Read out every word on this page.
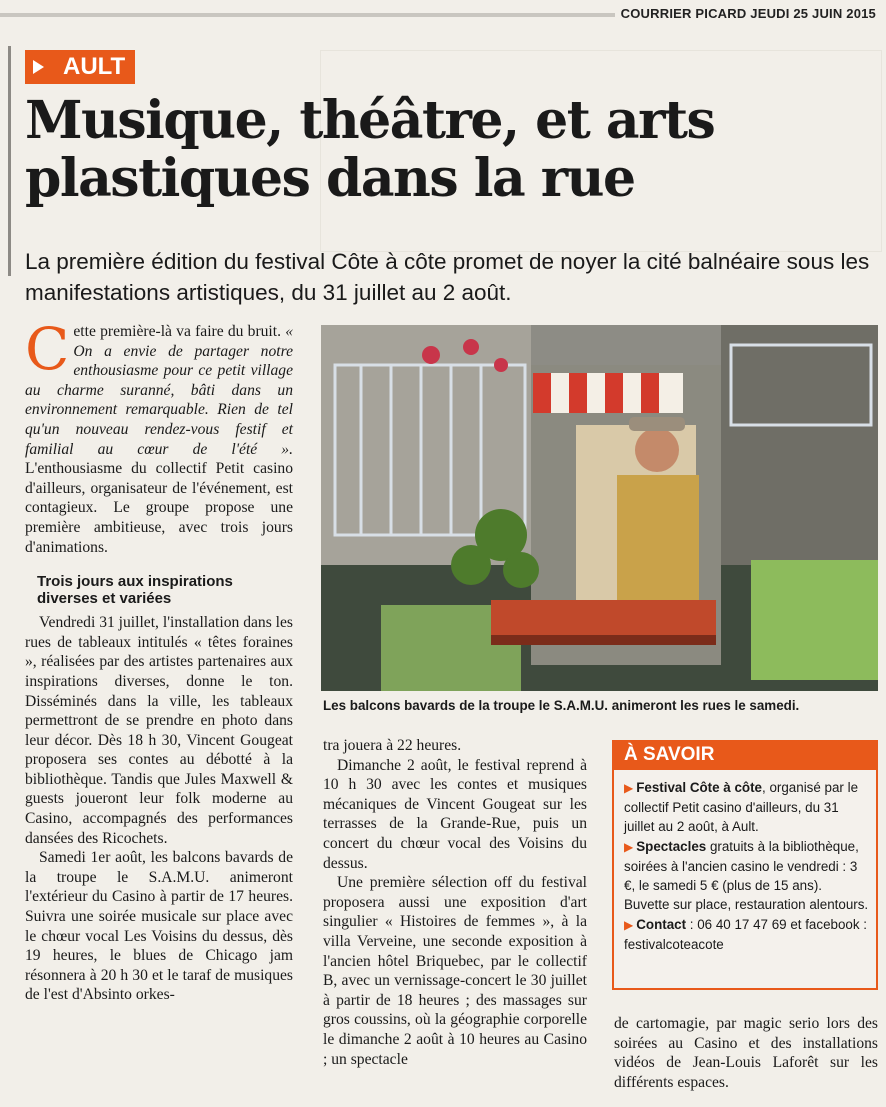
COURRIER PICARD JEUDI 25 JUIN 2015
AULT
Musique, théâtre, et arts plastiques dans la rue

La première édition du festival Côte à côte promet de noyer la cité balnéaire sous les manifestations artistiques, du 31 juillet au 2 août.

Cette première-là va faire du bruit. « On a envie de partager notre enthousiasme pour ce petit village au charme suranné, bâti dans un environnement remarquable. Rien de tel qu'un nouveau rendez-vous festif et familial au cœur de l'été ». L'enthousiasme du collectif Petit casino d'ailleurs, organisateur de l'événement, est contagieux. Le groupe propose une première ambitieuse, avec trois jours d'animations.

Trois jours aux inspirations diverses et variées

Vendredi 31 juillet, l'installation dans les rues de tableaux intitulés « têtes foraines », réalisées par des artistes partenaires aux inspirations diverses, donne le ton. Disséminés dans la ville, les tableaux permettront de se prendre en photo dans leur décor. Dès 18 h 30, Vincent Gougeat proposera ses contes au débotté à la bibliothèque. Tandis que Jules Maxwell & guests joueront leur folk moderne au Casino, accompagnés des performances dansées des Ricochets.

Samedi 1er août, les balcons bavards de la troupe le S.A.M.U. animeront l'extérieur du Casino à partir de 17 heures. Suivra une soirée musicale sur place avec le chœur vocal Les Voisins du dessus, dès 19 heures, le blues de Chicago jam résonnera à 20 h 30 et le taraf de musiques de l'est d'Absinto orkes-

Les balcons bavards de la troupe le S.A.M.U. animeront les rues le samedi.

tra jouera à 22 heures.

Dimanche 2 août, le festival reprend à 10 h 30 avec les contes et musiques mécaniques de Vincent Gougeat sur les terrasses de la Grande-Rue, puis un concert du chœur vocal des Voisins du dessus.

Une première sélection off du festival proposera aussi une exposition d'art singulier « Histoires de femmes », à la villa Verveine, une seconde exposition à l'ancien hôtel Briquebec, par le collectif B, avec un vernissage-concert le 30 juillet à partir de 18 heures ; des massages sur gros coussins, où la géographie corporelle le dimanche 2 août à 10 heures au Casino ; un spectacle

À SAVOIR
▶ Festival Côte à côte, organisé par le collectif Petit casino d'ailleurs, du 31 juillet au 2 août, à Ault.
▶ Spectacles gratuits à la bibliothèque, soirées à l'ancien casino le vendredi : 3 €, le samedi 5 € (plus de 15 ans). Buvette sur place, restauration alentours.
▶ Contact : 06 40 17 47 69 et facebook : festivalcoteacote

de cartomagie, par magic serio lors des soirées au Casino et des installations vidéos de Jean-Louis Laforêt sur les différents espaces.
